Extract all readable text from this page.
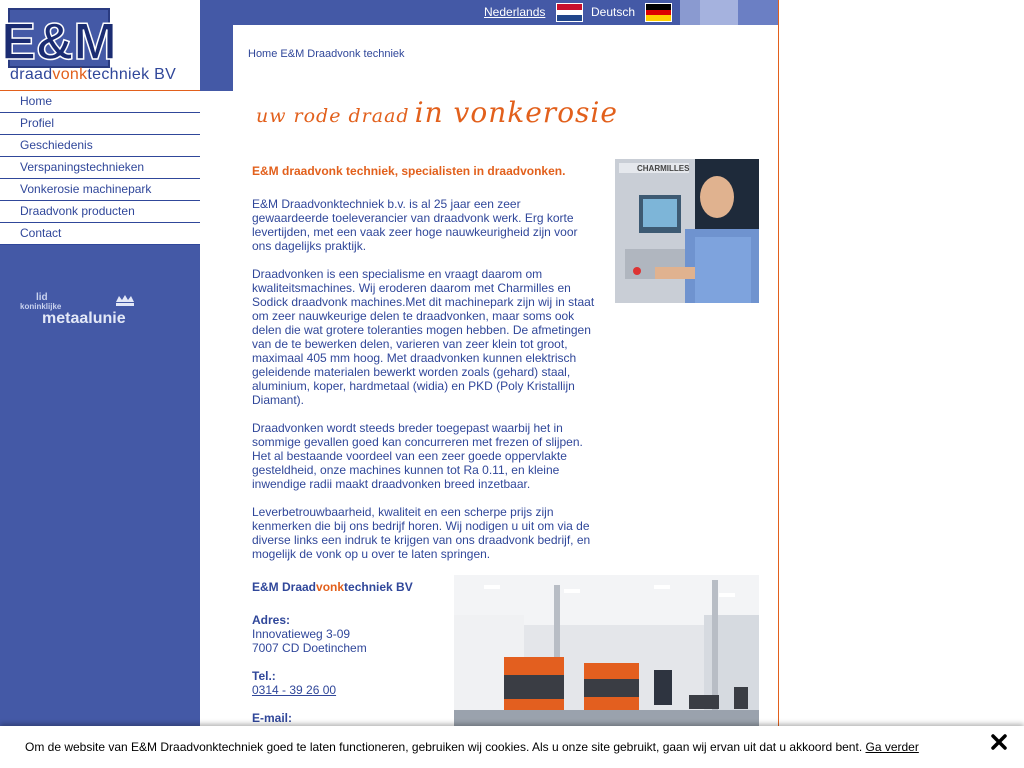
E&M
draadvonktechniek BV
Home
Profiel
Geschiedenis
Verspaningstechnieken
Vonkerosie machinepark
Draadvonk producten
Contact
lid
koninklijke
metaalunie
Nederlands	Deutsch
Home E&M Draadvonk techniek
uw rode draad in vonkerosie
E&M draadvonk techniek, specialisten in draadvonken.

E&M Draadvonktechniek b.v. is al 25 jaar een zeer gewaardeerde toeleverancier van draadvonk werk. Erg korte levertijden, met een vaak zeer hoge nauwkeurigheid zijn voor ons dagelijks praktijk.

Draadvonken is een specialisme en vraagt daarom om kwaliteitsmachines. Wij eroderen daarom met Charmilles en Sodick draadvonk machines.Met dit machinepark zijn wij in staat om zeer nauwkeurige delen te draadvonken, maar soms ook delen die wat grotere toleranties mogen hebben. De afmetingen van de te bewerken delen, varieren van zeer klein tot groot, maximaal 405 mm hoog. Met draadvonken kunnen elektrisch geleidende materialen bewerkt worden zoals (gehard) staal, aluminium, koper, hardmetaal (widia) en PKD (Poly Kristallijn Diamant).

Draadvonken wordt steeds breder toegepast waarbij het in sommige gevallen goed kan concurreren met frezen of slijpen. Het al bestaande voordeel van een zeer goede oppervlakte gesteldheid, onze machines kunnen tot Ra 0.11, en kleine inwendige radii maakt draadvonken breed inzetbaar.

Leverbetrouwbaarheid, kwaliteit en een scherpe prijs zijn kenmerken die bij ons bedrijf horen. Wij nodigen u uit om via de diverse links een indruk te krijgen van ons draadvonk bedrijf, en mogelijk de vonk op u over te laten springen.

CHARMILLES
E&M Draadvonktechniek BV
Adres:
Innovatieweg 3-09
7007 CD Doetinchem
Tel.:
0314 - 39 26 00
E-mail:
Om de website van E&M Draadvonktechniek goed te laten functioneren, gebruiken wij cookies. Als u onze site gebruikt, gaan wij ervan uit dat u akkoord bent. Ga verder
